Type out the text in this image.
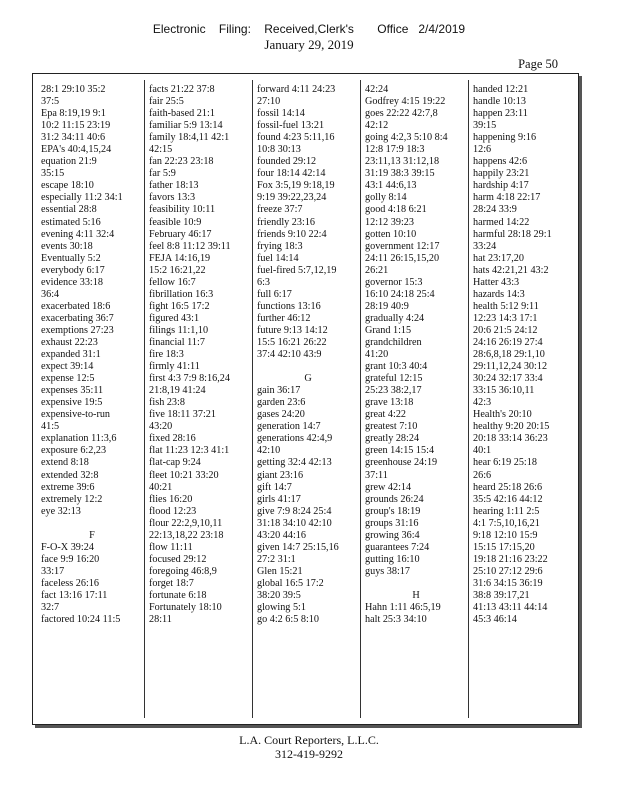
Electronic    Filing:    Received,Clerk's       Office   2/4/2019
January 29, 2019
Page 50
28:1 29:10 35:2
37:5
Epa 8:19,19 9:1
10:2 11:15 23:19
31:2 34:11 40:6
EPA's 40:4,15,24
equation 21:9
35:15
escape 18:10
especially 11:2 34:1
essential 28:8
estimated 5:16
evening 4:11 32:4
events 30:18
Eventually 5:2
everybody 6:17
evidence 33:18
36:4
exacerbated 18:6
exacerbating 36:7
exemptions 27:23
exhaust 22:23
expanded 31:1
expect 39:14
expense 12:5
expenses 35:11
expensive 19:5
expensive-to-run
41:5
explanation 11:3,6
exposure 6:2,23
extend 8:18
extended 32:8
extreme 39:6
extremely 12:2
eye 32:13

F
F-O-X 39:24
face 9:9 16:20
33:17
faceless 26:16
fact 13:16 17:11
32:7
factored 10:24 11:5
facts 21:22 37:8
fair 25:5
faith-based 21:1
familiar 5:9 13:14
family 18:4,11 42:1
42:15
fan 22:23 23:18
far 5:9
father 18:13
favors 13:3
feasibility 10:11
feasible 10:9
February 46:17
feel 8:8 11:12 39:11
FEJA 14:16,19
15:2 16:21,22
fellow 16:7
fibrillation 16:3
fight 16:5 17:2
figured 43:1
filings 11:1,10
financial 11:7
fire 18:3
firmly 41:11
first 4:3 7:9 8:16,24
21:8,19 41:24
fish 23:8
five 18:11 37:21
43:20
fixed 28:16
flat 11:23 12:3 41:1
flat-cap 9:24
fleet 10:21 33:20
40:21
flies 16:20
flood 12:23
flour 22:2,9,10,11
22:13,18,22 23:18
flow 11:11
focused 29:12
foregoing 46:8,9
forget 18:7
fortunate 6:18
Fortunately 18:10
28:11
forward 4:11 24:23
27:10
fossil 14:14
fossil-fuel 13:21
found 4:23 5:11,16
10:8 30:13
founded 29:12
four 18:14 42:14
Fox 3:5,19 9:18,19
9:19 39:22,23,24
freeze 37:7
friendly 23:16
friends 9:10 22:4
frying 18:3
fuel 14:14
fuel-fired 5:7,12,19
6:3
full 6:17
functions 13:16
further 46:12
future 9:13 14:12
15:5 16:21 26:22
37:4 42:10 43:9

G
gain 36:17
garden 23:6
gases 24:20
generation 14:7
generations 42:4,9
42:10
getting 32:4 42:13
giant 23:16
gift 14:7
girls 41:17
give 7:9 8:24 25:4
31:18 34:10 42:10
43:20 44:16
given 14:7 25:15,16
27:2 31:1
Glen 15:21
global 16:5 17:2
38:20 39:5
glowing 5:1
go 4:2 6:5 8:10
42:24
Godfrey 4:15 19:22
goes 22:22 42:7,8
42:12
going 4:2,3 5:10 8:4
12:8 17:9 18:3
23:11,13 31:12,18
31:19 38:3 39:15
43:1 44:6,13
golly 8:14
good 4:18 6:21
12:12 39:23
gotten 10:10
government 12:17
24:11 26:15,15,20
26:21
governor 15:3
16:10 24:18 25:4
28:19 40:9
gradually 4:24
Grand 1:15
grandchildren
41:20
grant 10:3 40:4
grateful 12:15
25:23 38:2,17
grave 13:18
great 4:22
greatest 7:10
greatly 28:24
green 14:15 15:4
greenhouse 24:19
37:11
grew 42:14
grounds 26:24
group's 18:19
groups 31:16
growing 36:4
guarantees 7:24
gutting 16:10
guys 38:17

H
Hahn 1:11 46:5,19
halt 25:3 34:10
handed 12:21
handle 10:13
happen 23:11
39:15
happening 9:16
12:6
happens 42:6
happily 23:21
hardship 4:17
harm 4:18 22:17
28:24 33:9
harmed 14:22
harmful 28:18 29:1
33:24
hat 23:17,20
hats 42:21,21 43:2
Hatter 43:3
hazards 14:3
health 5:12 9:11
12:23 14:3 17:1
20:6 21:5 24:12
24:16 26:19 27:4
28:6,8,18 29:1,10
29:11,12,24 30:12
30:24 32:17 33:4
33:15 36:10,11
42:3
Health's 20:10
healthy 9:20 20:15
20:18 33:14 36:23
40:1
hear 6:19 25:18
26:6
heard 25:18 26:6
35:5 42:16 44:12
hearing 1:11 2:5
4:1 7:5,10,16,21
9:18 12:10 15:9
15:15 17:15,20
19:18 21:16 23:22
25:10 27:12 29:6
31:6 34:15 36:19
38:8 39:17,21
41:13 43:11 44:14
45:3 46:14
L.A. Court Reporters, L.L.C.
312-419-9292
